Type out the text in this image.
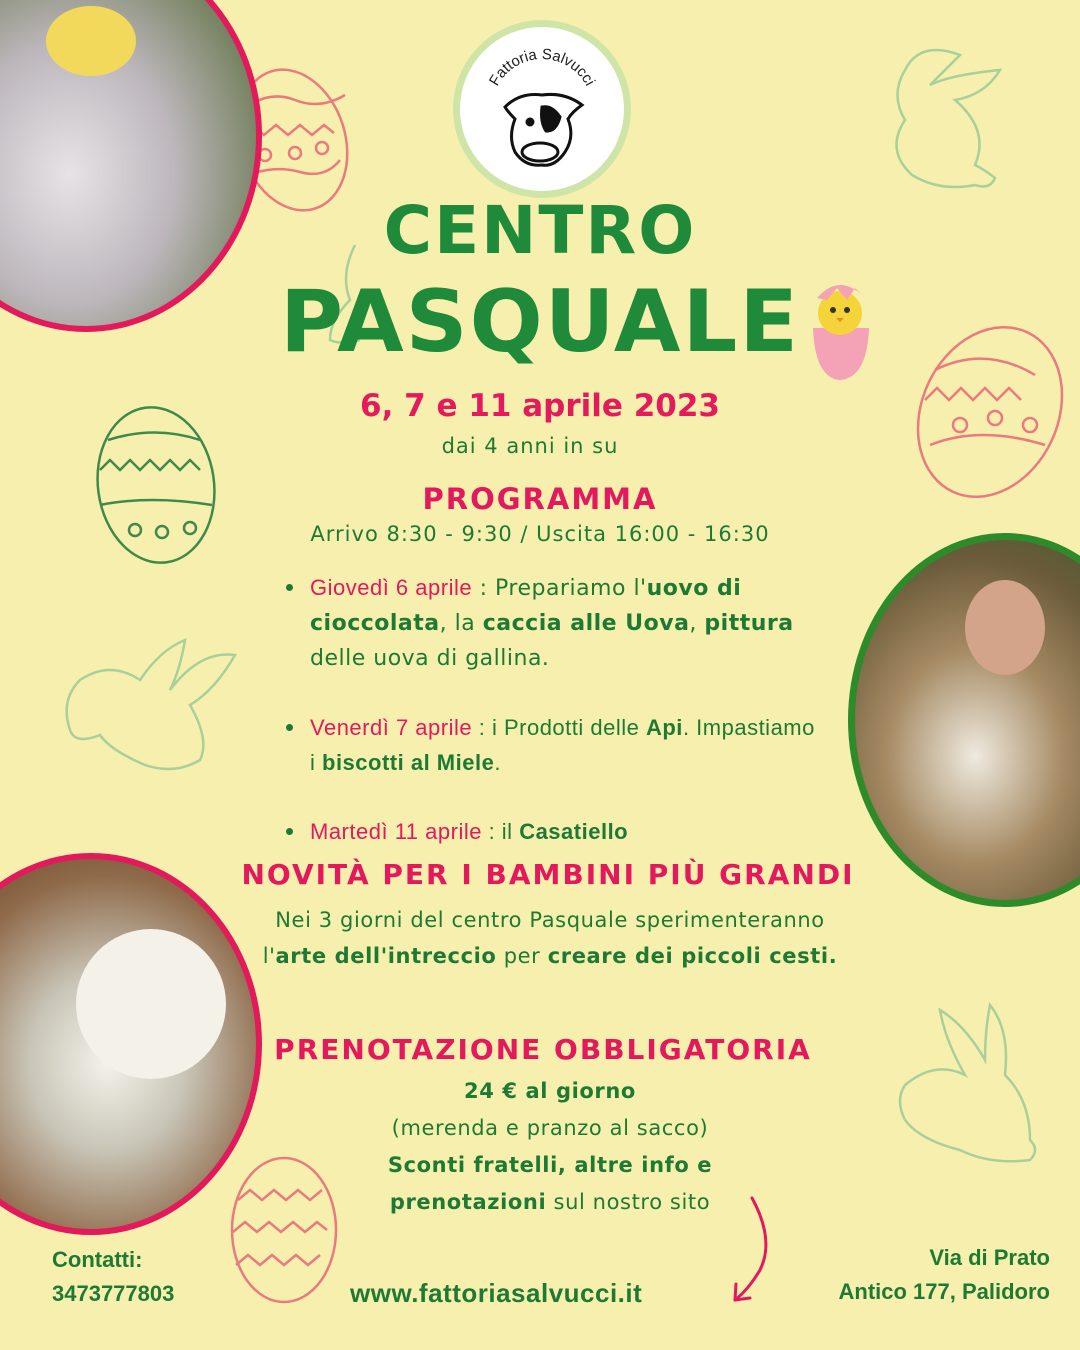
Fattoria Salvucci
CENTRO
PASQUALE
6, 7 e 11 aprile 2023
dai 4 anni in su
PROGRAMMA
Arrivo 8:30 - 9:30 / Uscita 16:00 - 16:30
Giovedì 6 aprile : Prepariamo l'uovo di cioccolata, la caccia alle Uova, pittura delle uova di gallina.
Venerdì 7 aprile : i Prodotti delle Api. Impastiamo i biscotti al Miele.
Martedì 11 aprile : il Casatiello
NOVITÀ PER I BAMBINI PIÙ GRANDI
Nei 3 giorni del centro Pasquale sperimenteranno l'arte dell'intreccio per creare dei piccoli cesti.
PRENOTAZIONE OBBLIGATORIA
24 € al giorno
(merenda e pranzo al sacco)
Sconti fratelli, altre info e
prenotazioni sul nostro sito
Contatti:
3473777803
Via di Prato
Antico 177, Palidoro
www.fattoriasalvucci.it
